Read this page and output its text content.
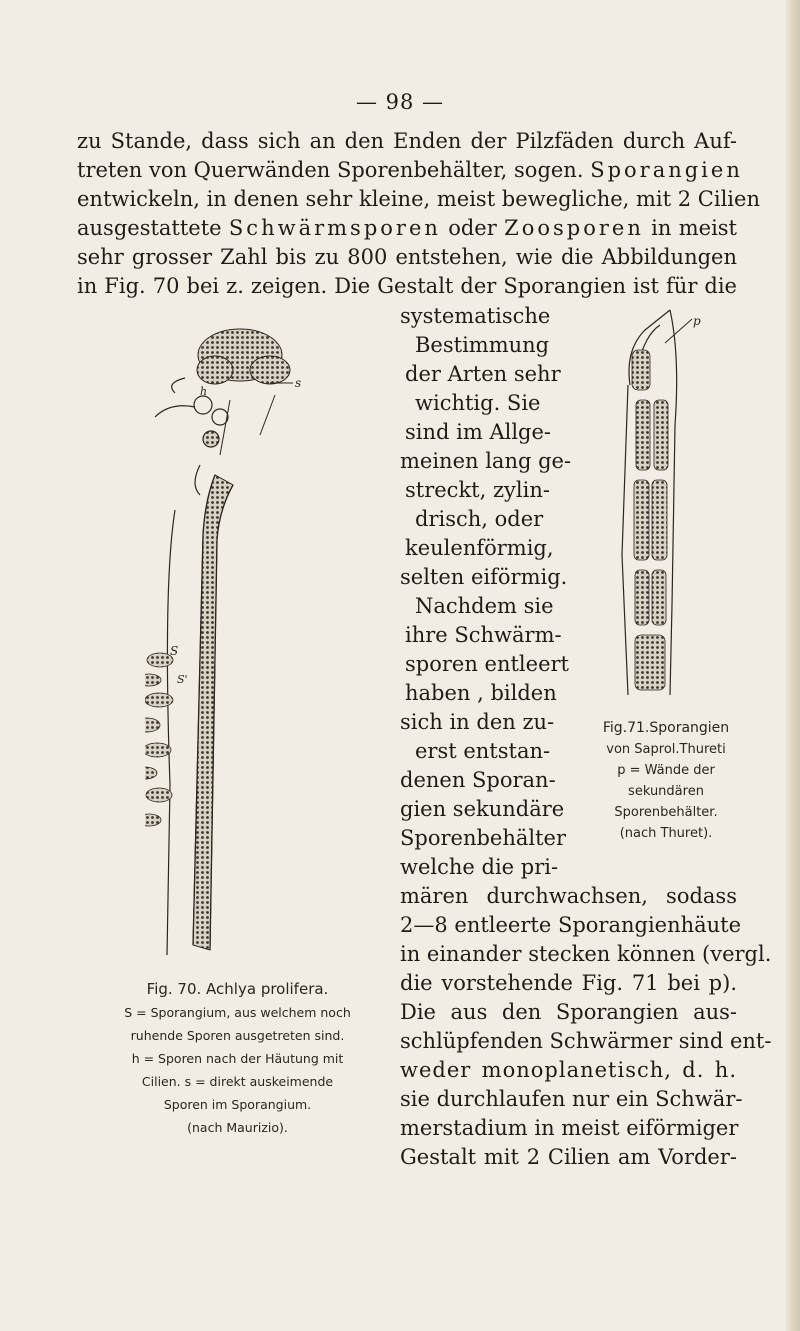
— 98 —
zu Stande, dass sich an den Enden der Pilzfäden durch Auf-
treten von Querwänden Sporenbehälter, sogen. Sporangien
entwickeln, in denen sehr kleine, meist bewegliche, mit 2 Cilien
ausgestattete Schwärmsporen oder Zoosporen in meist
sehr grosser Zahl bis zu 800 entstehen, wie die Abbildungen
in Fig. 70 bei z. zeigen. Die Gestalt der Sporangien ist für die
systematische
Bestimmung
der Arten sehr
wichtig. Sie
sind im Allge-
meinen lang ge-
streckt, zylin-
drisch, oder
keulenförmig,
selten eiförmig.
Nachdem sie
ihre Schwärm-
sporen entleert
haben , bilden
sich in den zu-
erst entstan-
denen Sporan-
gien sekundäre
Sporenbehälter
welche die pri-
mären durchwachsen, sodass
2—8 entleerte Sporangienhäute
in einander stecken können (vergl.
die vorstehende Fig. 71 bei p).
Die aus den Sporangien aus-
schlüpfenden Schwärmer sind ent-
weder monoplanetisch, d. h.
sie durchlaufen nur ein Schwär-
merstadium in meist eiförmiger
Gestalt mit 2 Cilien am Vorder-
s
h
S
S'
Fig. 70. Achlya prolifera.
S = Sporangium, aus welchem noch
ruhende Sporen ausgetreten sind.
h = Sporen nach der Häutung mit
Cilien. s = direkt auskeimende
Sporen im Sporangium.
(nach Maurizio).
p
Fig.71.Sporangien
von Saprol.Thureti
p = Wände der
sekundären
Sporenbehälter.
(nach Thuret).
